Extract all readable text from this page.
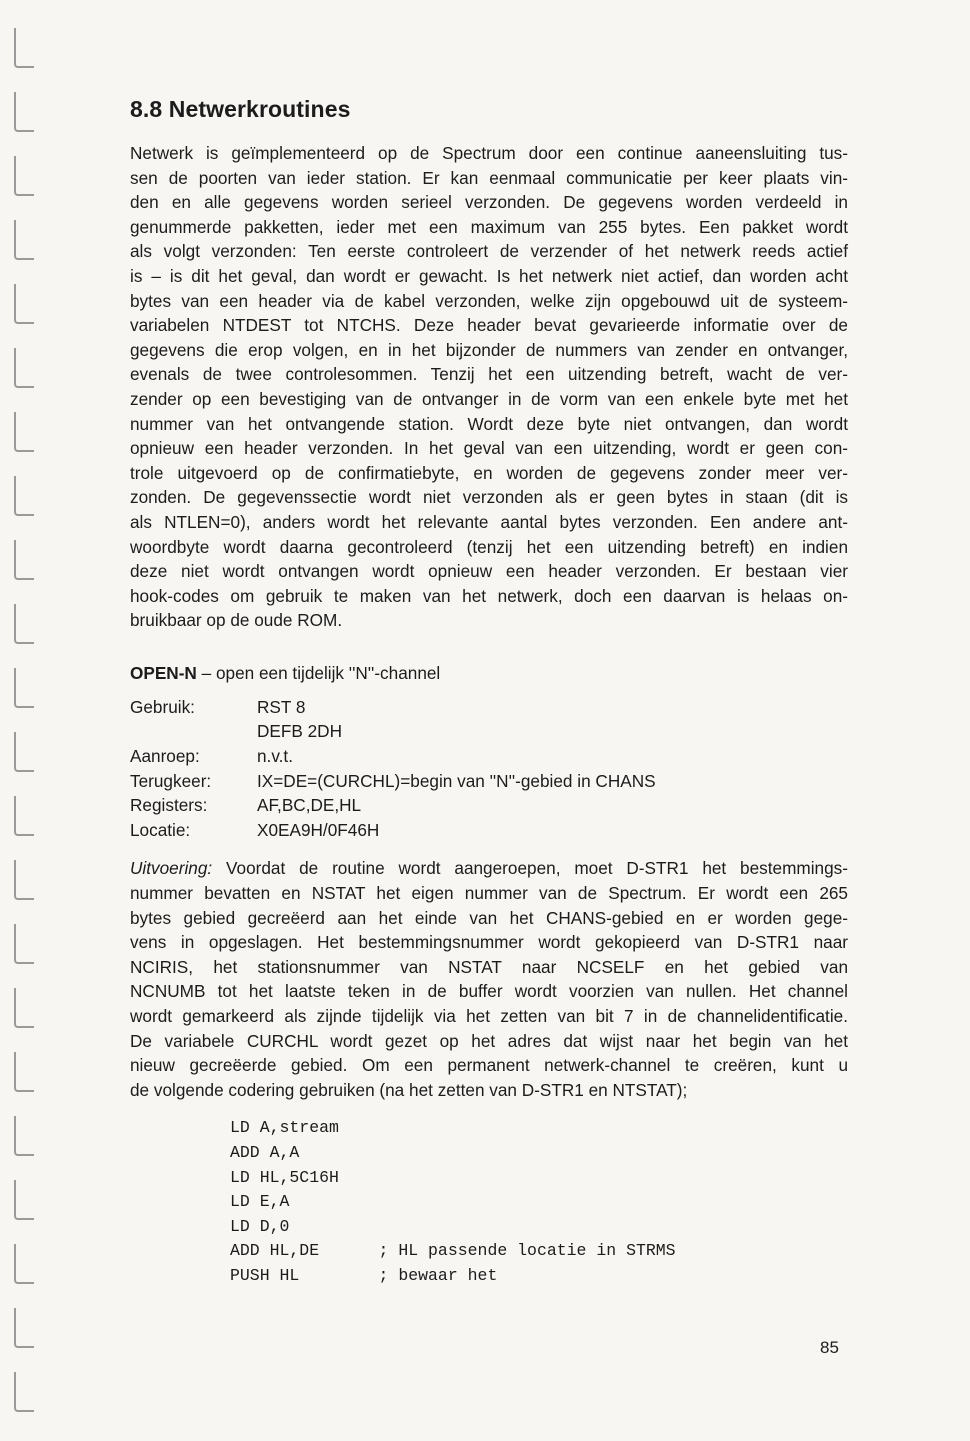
8.8 Netwerkroutines
Netwerk is geïmplementeerd op de Spectrum door een continue aaneensluiting tus-
sen de poorten van ieder station. Er kan eenmaal communicatie per keer plaats vin-
den en alle gegevens worden serieel verzonden. De gegevens worden verdeeld in
genummerde pakketten, ieder met een maximum van 255 bytes. Een pakket wordt
als volgt verzonden: Ten eerste controleert de verzender of het netwerk reeds actief
is – is dit het geval, dan wordt er gewacht. Is het netwerk niet actief, dan worden acht
bytes van een header via de kabel verzonden, welke zijn opgebouwd uit de systeem-
variabelen NTDEST tot NTCHS. Deze header bevat gevarieerde informatie over de
gegevens die erop volgen, en in het bijzonder de nummers van zender en ontvanger,
evenals de twee controlesommen. Tenzij het een uitzending betreft, wacht de ver-
zender op een bevestiging van de ontvanger in de vorm van een enkele byte met het
nummer van het ontvangende station. Wordt deze byte niet ontvangen, dan wordt
opnieuw een header verzonden. In het geval van een uitzending, wordt er geen con-
trole uitgevoerd op de confirmatiebyte, en worden de gegevens zonder meer ver-
zonden. De gegevenssectie wordt niet verzonden als er geen bytes in staan (dit is
als NTLEN=0), anders wordt het relevante aantal bytes verzonden. Een andere ant-
woordbyte wordt daarna gecontroleerd (tenzij het een uitzending betreft) en indien
deze niet wordt ontvangen wordt opnieuw een header verzonden. Er bestaan vier
hook-codes om gebruik te maken van het netwerk, doch een daarvan is helaas on-
bruikbaar op de oude ROM.
OPEN-N – open een tijdelijk ''N''-channel
Gebruik:	RST 8
	DEFB 2DH
Aanroep:	n.v.t.
Terugkeer:	IX=DE=(CURCHL)=begin van ''N''-gebied in CHANS
Registers:	AF,BC,DE,HL
Locatie:	X0EA9H/0F46H
Uitvoering: Voordat de routine wordt aangeroepen, moet D-STR1 het bestemmings-
nummer bevatten en NSTAT het eigen nummer van de Spectrum. Er wordt een 265
bytes gebied gecreëerd aan het einde van het CHANS-gebied en er worden gege-
vens in opgeslagen. Het bestemmingsnummer wordt gekopieerd van D-STR1 naar
NCIRIS, het stationsnummer van NSTAT naar NCSELF en het gebied van
NCNUMB tot het laatste teken in de buffer wordt voorzien van nullen. Het channel
wordt gemarkeerd als zijnde tijdelijk via het zetten van bit 7 in de channelidentificatie.
De variabele CURCHL wordt gezet op het adres dat wijst naar het begin van het
nieuw gecreëerde gebied. Om een permanent netwerk-channel te creëren, kunt u
de volgende codering gebruiken (na het zetten van D-STR1 en NTSTAT);
LD A,stream
ADD A,A
LD HL,5C16H
LD E,A
LD D,0
ADD HL,DE      ; HL passende locatie in STRMS
PUSH HL        ; bewaar het
85
